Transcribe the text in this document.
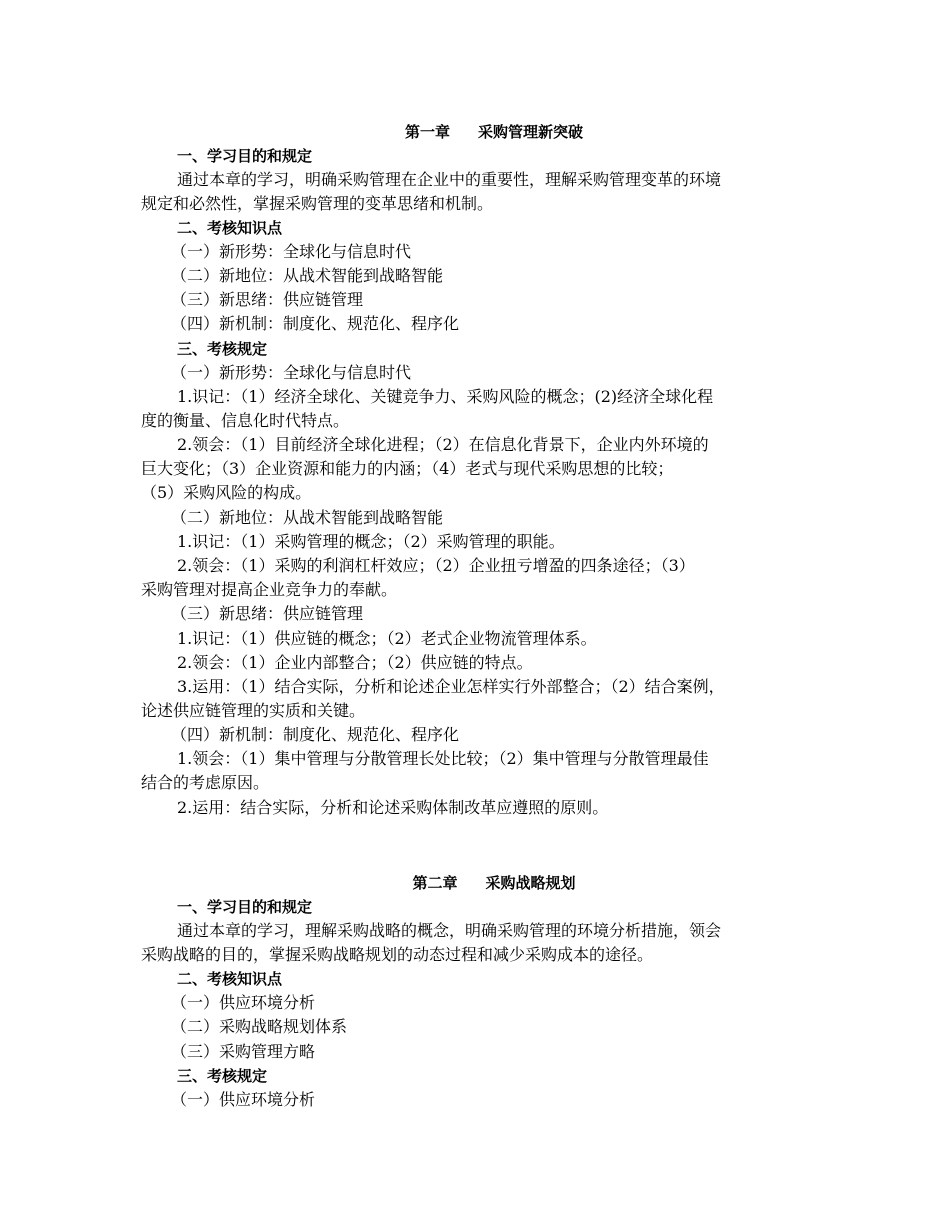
第一章 采购管理新突破
一、学习目的和规定
通过本章的学习，明确采购管理在企业中的重要性，理解采购管理变革的环境
规定和必然性，掌握采购管理的变革思绪和机制。
二、考核知识点
（一）新形势：全球化与信息时代
（二）新地位：从战术智能到战略智能
（三）新思绪：供应链管理
（四）新机制：制度化、规范化、程序化
三、考核规定
（一）新形势：全球化与信息时代
1.识记：（1）经济全球化、关键竞争力、采购风险的概念；(2)经济全球化程
度的衡量、信息化时代特点。
2.领会：（1）目前经济全球化进程；（2）在信息化背景下，企业内外环境的
巨大变化；（3）企业资源和能力的内涵；（4）老式与现代采购思想的比较；
（5）采购风险的构成。
（二）新地位：从战术智能到战略智能
1.识记：（1）采购管理的概念；（2）采购管理的职能。
2.领会：（1）采购的利润杠杆效应；（2）企业扭亏增盈的四条途径；（3）
采购管理对提高企业竞争力的奉献。
（三）新思绪：供应链管理
1.识记：（1）供应链的概念；（2）老式企业物流管理体系。
2.领会：（1）企业内部整合；（2）供应链的特点。
3.运用：（1）结合实际，分析和论述企业怎样实行外部整合；（2）结合案例，
论述供应链管理的实质和关键。
（四）新机制：制度化、规范化、程序化
1.领会：（1）集中管理与分散管理长处比较；（2）集中管理与分散管理最佳
结合的考虑原因。
2.运用：结合实际，分析和论述采购体制改革应遵照的原则。
第二章 采购战略规划
一、学习目的和规定
通过本章的学习，理解采购战略的概念，明确采购管理的环境分析措施，领会
采购战略的目的，掌握采购战略规划的动态过程和减少采购成本的途径。
二、考核知识点
（一）供应环境分析
（二）采购战略规划体系
（三）采购管理方略
三、考核规定
（一）供应环境分析
